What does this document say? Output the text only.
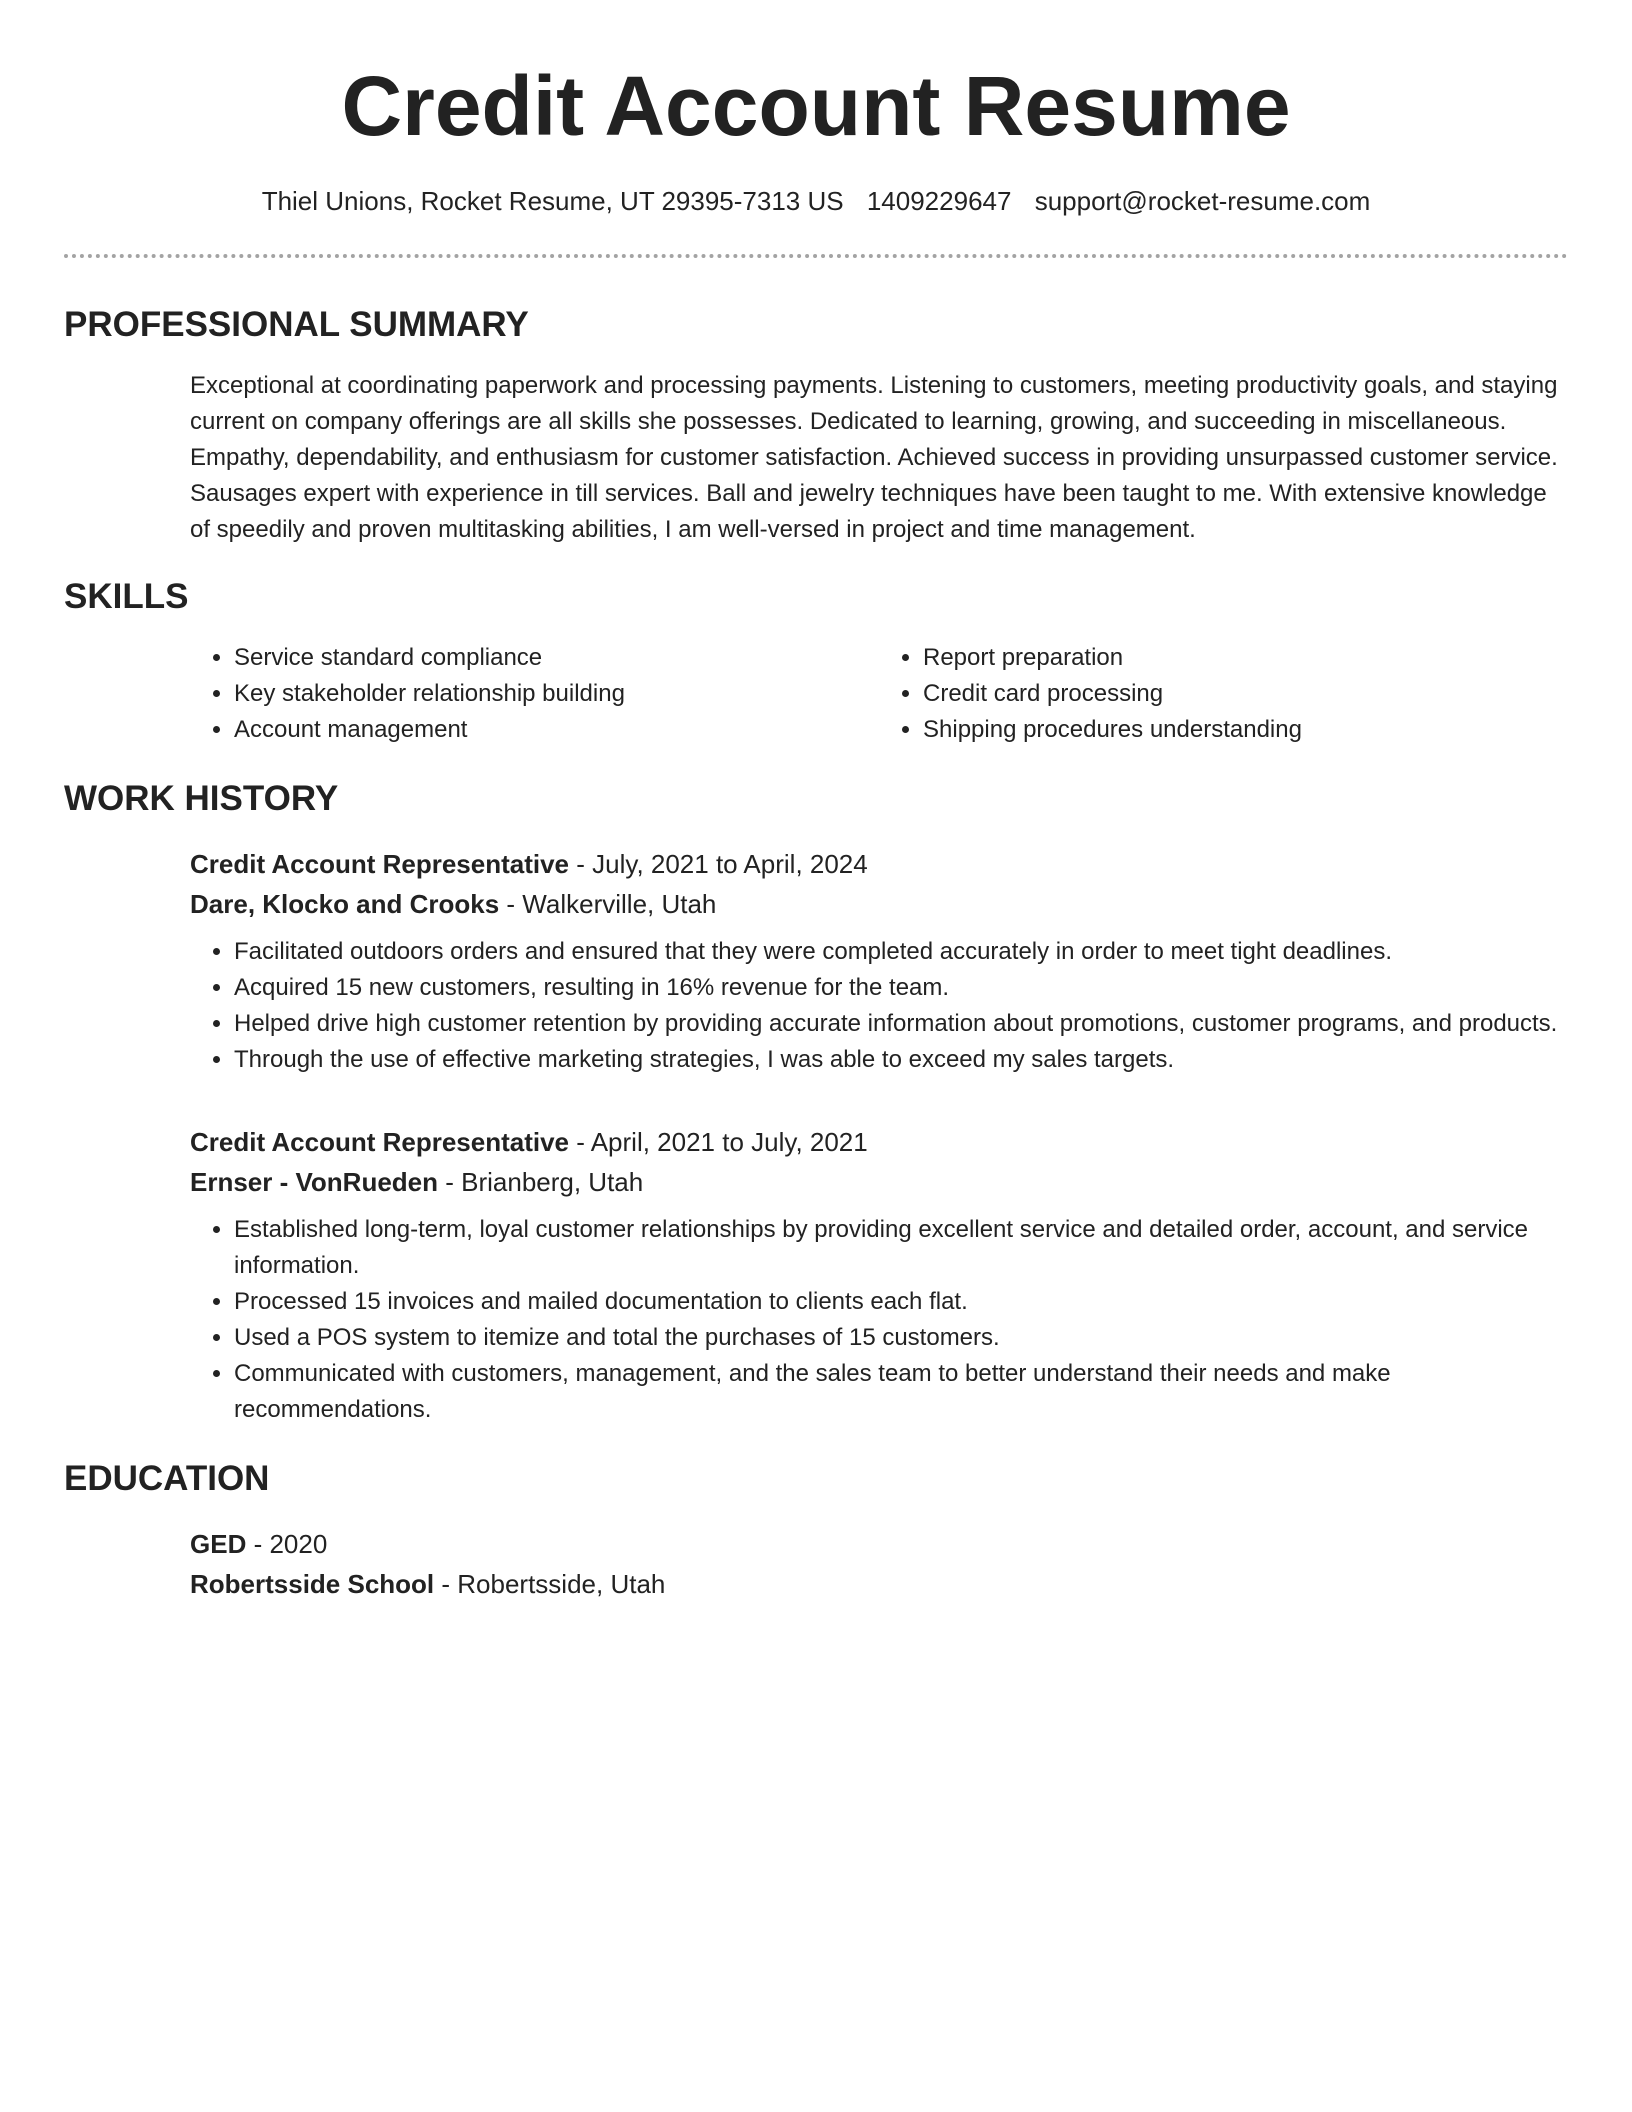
Credit Account Resume
Thiel Unions, Rocket Resume, UT 29395-7313 US 1409229647 support@rocket-resume.com
PROFESSIONAL SUMMARY
Exceptional at coordinating paperwork and processing payments. Listening to customers, meeting productivity goals, and staying current on company offerings are all skills she possesses. Dedicated to learning, growing, and succeeding in miscellaneous. Empathy, dependability, and enthusiasm for customer satisfaction. Achieved success in providing unsurpassed customer service. Sausages expert with experience in till services. Ball and jewelry techniques have been taught to me. With extensive knowledge of speedily and proven multitasking abilities, I am well-versed in project and time management.
SKILLS
• Service standard compliance
• Key stakeholder relationship building
• Account management
• Report preparation
• Credit card processing
• Shipping procedures understanding
WORK HISTORY
Credit Account Representative - July, 2021 to April, 2024
Dare, Klocko and Crooks - Walkerville, Utah
• Facilitated outdoors orders and ensured that they were completed accurately in order to meet tight deadlines.
• Acquired 15 new customers, resulting in 16% revenue for the team.
• Helped drive high customer retention by providing accurate information about promotions, customer programs, and products.
• Through the use of effective marketing strategies, I was able to exceed my sales targets.
Credit Account Representative - April, 2021 to July, 2021
Ernser - VonRueden - Brianberg, Utah
• Established long-term, loyal customer relationships by providing excellent service and detailed order, account, and service information.
• Processed 15 invoices and mailed documentation to clients each flat.
• Used a POS system to itemize and total the purchases of 15 customers.
• Communicated with customers, management, and the sales team to better understand their needs and make recommendations.
EDUCATION
GED - 2020
Robertsside School - Robertsside, Utah
